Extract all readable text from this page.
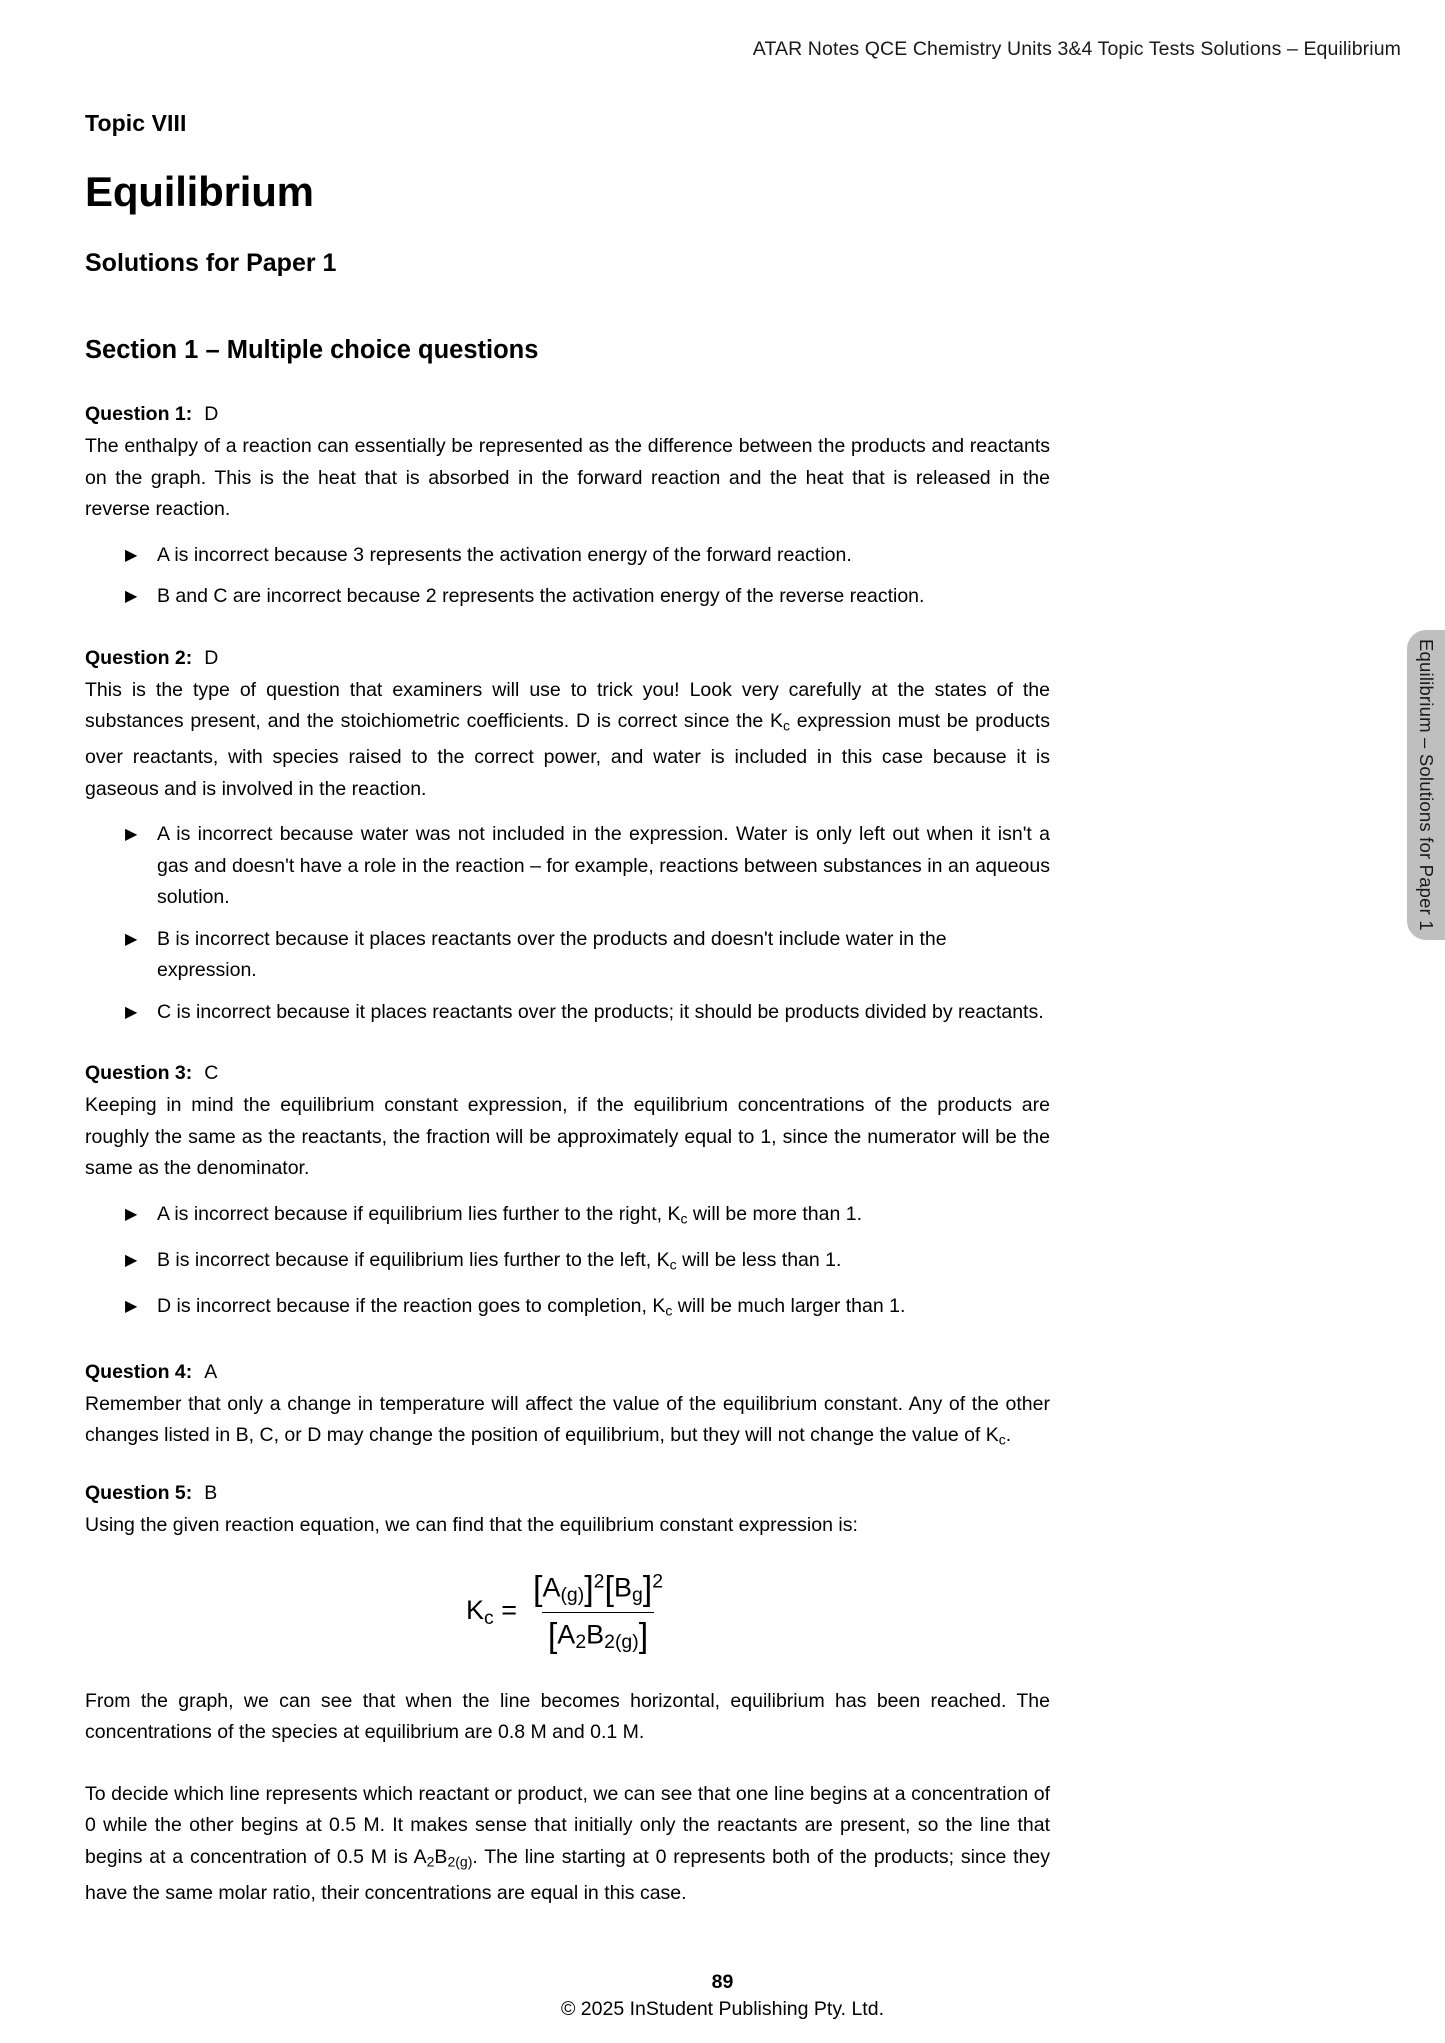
ATAR Notes QCE Chemistry Units 3&4 Topic Tests Solutions – Equilibrium
Equilibrium – Solutions for Paper 1
Topic VIII
Equilibrium
Solutions for Paper 1
Section 1 – Multiple choice questions
Question 1: D

The enthalpy of a reaction can essentially be represented as the difference between the products and reactants on the graph. This is the heat that is absorbed in the forward reaction and the heat that is released in the reverse reaction.

▶ A is incorrect because 3 represents the activation energy of the forward reaction.
▶ B and C are incorrect because 2 represents the activation energy of the reverse reaction.
Question 2: D

This is the type of question that examiners will use to trick you! Look very carefully at the states of the substances present, and the stoichiometric coefficients. D is correct since the $K_c$ expression must be products over reactants, with species raised to the correct power, and water is included in this case because it is gaseous and is involved in the reaction.

▶ A is incorrect because water was not included in the expression. Water is only left out when it isn't a gas and doesn't have a role in the reaction – for example, reactions between substances in an aqueous solution.
▶ B is incorrect because it places reactants over the products and doesn't include water in the expression.
▶ C is incorrect because it places reactants over the products; it should be products divided by reactants.
Question 3: C

Keeping in mind the equilibrium constant expression, if the equilibrium concentrations of the products are roughly the same as the reactants, the fraction will be approximately equal to 1, since the numerator will be the same as the denominator.

▶ A is incorrect because if equilibrium lies further to the right, $K_c$ will be more than 1.
▶ B is incorrect because if equilibrium lies further to the left, $K_c$ will be less than 1.
▶ D is incorrect because if the reaction goes to completion, $K_c$ will be much larger than 1.
Question 4: A

Remember that only a change in temperature will affect the value of the equilibrium constant. Any of the other changes listed in B, C, or D may change the position of equilibrium, but they will not change the value of $K_c$.

Question 5: B

Using the given reaction equation, we can find that the equilibrium constant expression is:

$K_c = \frac{[A_{(g)}]^2[B_g]^2}{[A_2B_{2(g)}]}$

From the graph, we can see that when the line becomes horizontal, equilibrium has been reached. The concentrations of the species at equilibrium are 0.8 M and 0.1 M.

To decide which line represents which reactant or product, we can see that one line begins at a concentration of 0 while the other begins at 0.5 M. It makes sense that initially only the reactants are present, so the line that begins at a concentration of 0.5 M is $A_2B_{2(g)}$. The line starting at 0 represents both of the products; since they have the same molar ratio, their concentrations are equal in this case.

89
© 2025 InStudent Publishing Pty. Ltd.
